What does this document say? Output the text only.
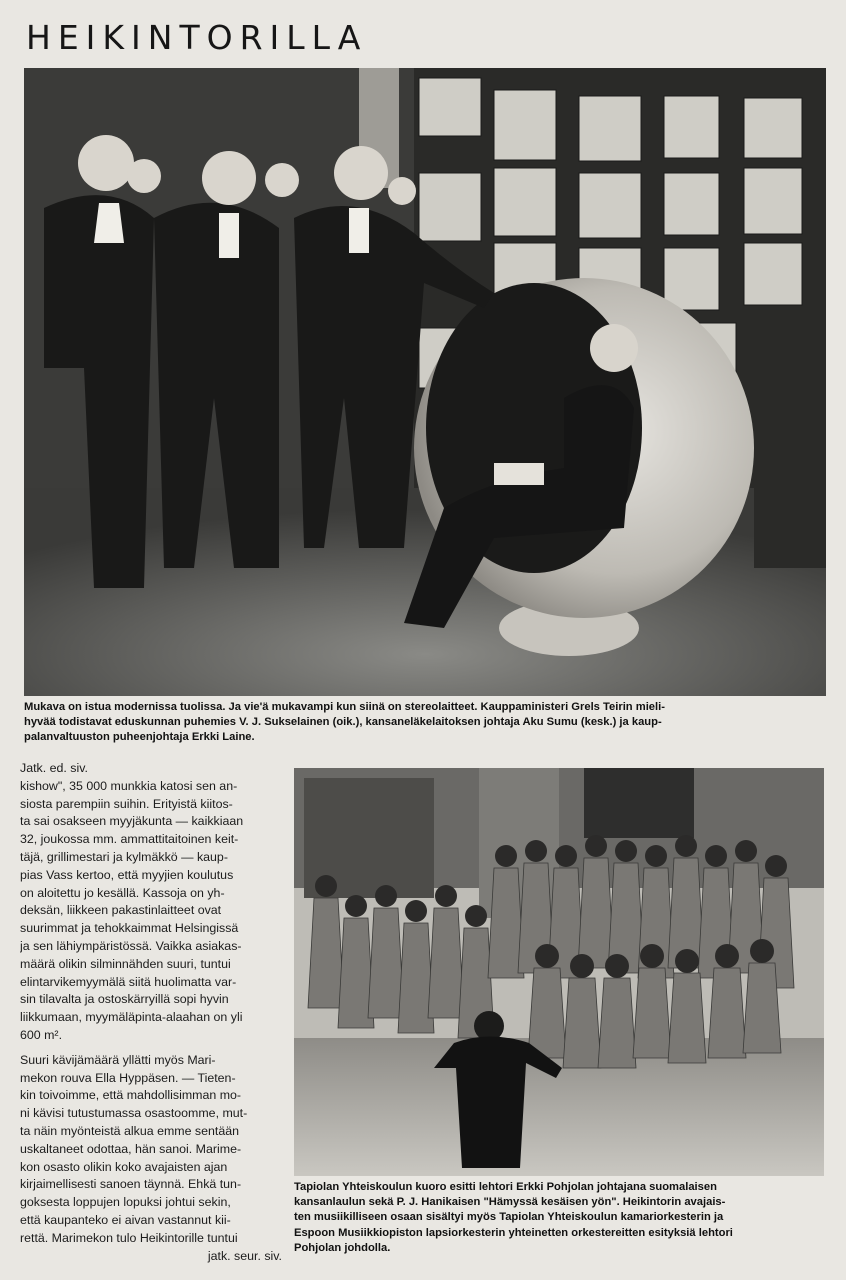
HEIKINTORILLA
Mukava on istua modernissa tuolissa. Ja vie'ä mukavampi kun siinä on stereolaitteet. Kauppaministeri Grels Teirin mieli-
hyvää todistavat eduskunnan puhemies V. J. Sukselainen (oik.), kansaneläkelaitoksen johtaja Aku Sumu (kesk.) ja kaup-
palanvaltuuston puheenjohtaja Erkki Laine.
Jatk. ed. siv.
kishow", 35 000 munkkia katosi sen an-
siosta parempiin suihin. Erityistä kiitos-
ta sai osakseen myyjäkunta — kaikkiaan
32, joukossa mm. ammattitaitoinen keit-
täjä, grillimestari ja kylmäkkö — kaup-
pias Vass kertoo, että myyjien koulutus
on aloitettu jo kesällä. Kassoja on yh-
deksän, liikkeen pakastinlaitteet ovat
suurimmat ja tehokkaimmat Helsingissä
ja sen lähiympäristössä. Vaikka asiakas-
määrä olikin silminnähden suuri, tuntui
elintarvikemyymälä siitä huolimatta var-
sin tilavalta ja ostoskärryillä sopi hyvin
liikkumaan, myymäläpinta-alaahan on yli
600 m².
Suuri kävijämäärä yllätti myös Mari-
mekon rouva Ella Hyppäsen. — Tieten-
kin toivoimme, että mahdollisimman mo-
ni kävisi tutustumassa osastoomme, mut-
ta näin myönteistä alkua emme sentään
uskaltaneet odottaa, hän sanoi. Marime-
kon osasto olikin koko avajaisten ajan
kirjaimellisesti sanoen täynnä. Ehkä tun-
goksesta loppujen lopuksi johtui sekin,
että kaupanteko ei aivan vastannut kii-
rettä. Marimekon tulo Heikintorille tuntui
jatk. seur. siv.
Tapiolan Yhteiskoulun kuoro esitti lehtori Erkki Pohjolan johtajana suomalaisen
kansanlaulun sekä P. J. Hanikaisen "Hämyssä kesäisen yön". Heikintorin avajais-
ten musiikilliseen osaan sisältyi myös Tapiolan Yhteiskoulun kamariorkesterin ja
Espoon Musiikkiopiston lapsiorkesterin yhteinetten orkestereitten esityksiä lehtori
Pohjolan johdolla.
